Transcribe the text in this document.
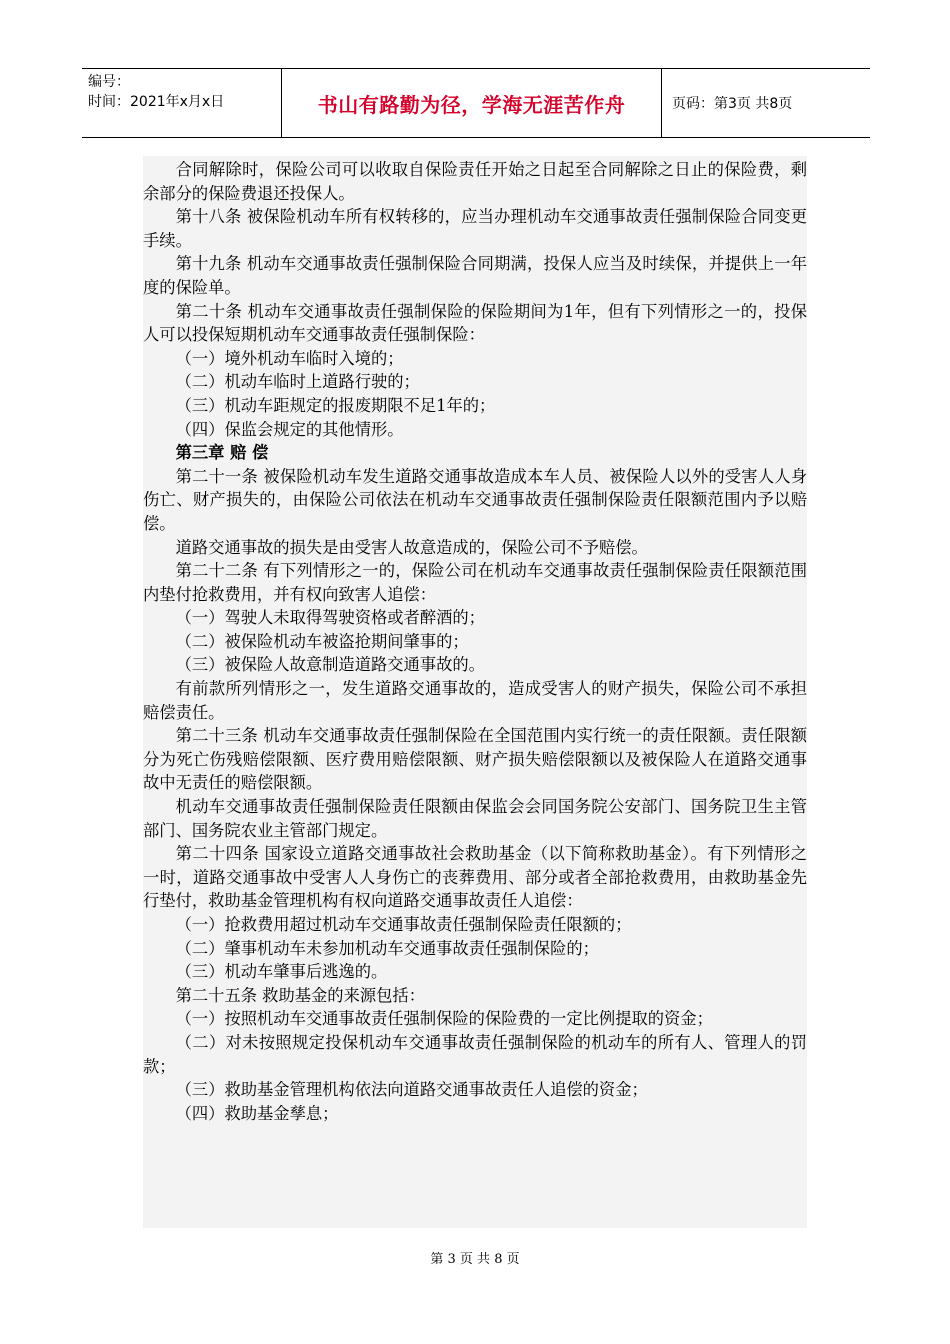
编号：
时间：2021年x月x日	书山有路勤为径，学海无涯苦作舟	页码：第3页 共8页

合同解除时，保险公司可以收取自保险责任开始之日起至合同解除之日止的保险费，剩余部分的保险费退还投保人。

第十八条 被保险机动车所有权转移的，应当办理机动车交通事故责任强制保险合同变更手续。

第十九条 机动车交通事故责任强制保险合同期满，投保人应当及时续保，并提供上一年度的保险单。

第二十条 机动车交通事故责任强制保险的保险期间为1年，但有下列情形之一的，投保人可以投保短期机动车交通事故责任强制保险：

（一）境外机动车临时入境的；

（二）机动车临时上道路行驶的；

（三）机动车距规定的报废期限不足1年的；

（四）保监会规定的其他情形。

第三章 赔 偿

第二十一条 被保险机动车发生道路交通事故造成本车人员、被保险人以外的受害人人身伤亡、财产损失的，由保险公司依法在机动车交通事故责任强制保险责任限额范围内予以赔偿。

道路交通事故的损失是由受害人故意造成的，保险公司不予赔偿。

第二十二条 有下列情形之一的，保险公司在机动车交通事故责任强制保险责任限额范围内垫付抢救费用，并有权向致害人追偿：

（一）驾驶人未取得驾驶资格或者醉酒的；

（二）被保险机动车被盗抢期间肇事的；

（三）被保险人故意制造道路交通事故的。

有前款所列情形之一，发生道路交通事故的，造成受害人的财产损失，保险公司不承担赔偿责任。

第二十三条 机动车交通事故责任强制保险在全国范围内实行统一的责任限额。责任限额分为死亡伤残赔偿限额、医疗费用赔偿限额、财产损失赔偿限额以及被保险人在道路交通事故中无责任的赔偿限额。

机动车交通事故责任强制保险责任限额由保监会会同国务院公安部门、国务院卫生主管部门、国务院农业主管部门规定。

第二十四条 国家设立道路交通事故社会救助基金（以下简称救助基金）。有下列情形之一时，道路交通事故中受害人人身伤亡的丧葬费用、部分或者全部抢救费用，由救助基金先行垫付，救助基金管理机构有权向道路交通事故责任人追偿：

（一）抢救费用超过机动车交通事故责任强制保险责任限额的；

（二）肇事机动车未参加机动车交通事故责任强制保险的；

（三）机动车肇事后逃逸的。

第二十五条 救助基金的来源包括：

（一）按照机动车交通事故责任强制保险的保险费的一定比例提取的资金；

（二）对未按照规定投保机动车交通事故责任强制保险的机动车的所有人、管理人的罚款；

（三）救助基金管理机构依法向道路交通事故责任人追偿的资金；

（四）救助基金孳息；

第 3 页 共 8 页
